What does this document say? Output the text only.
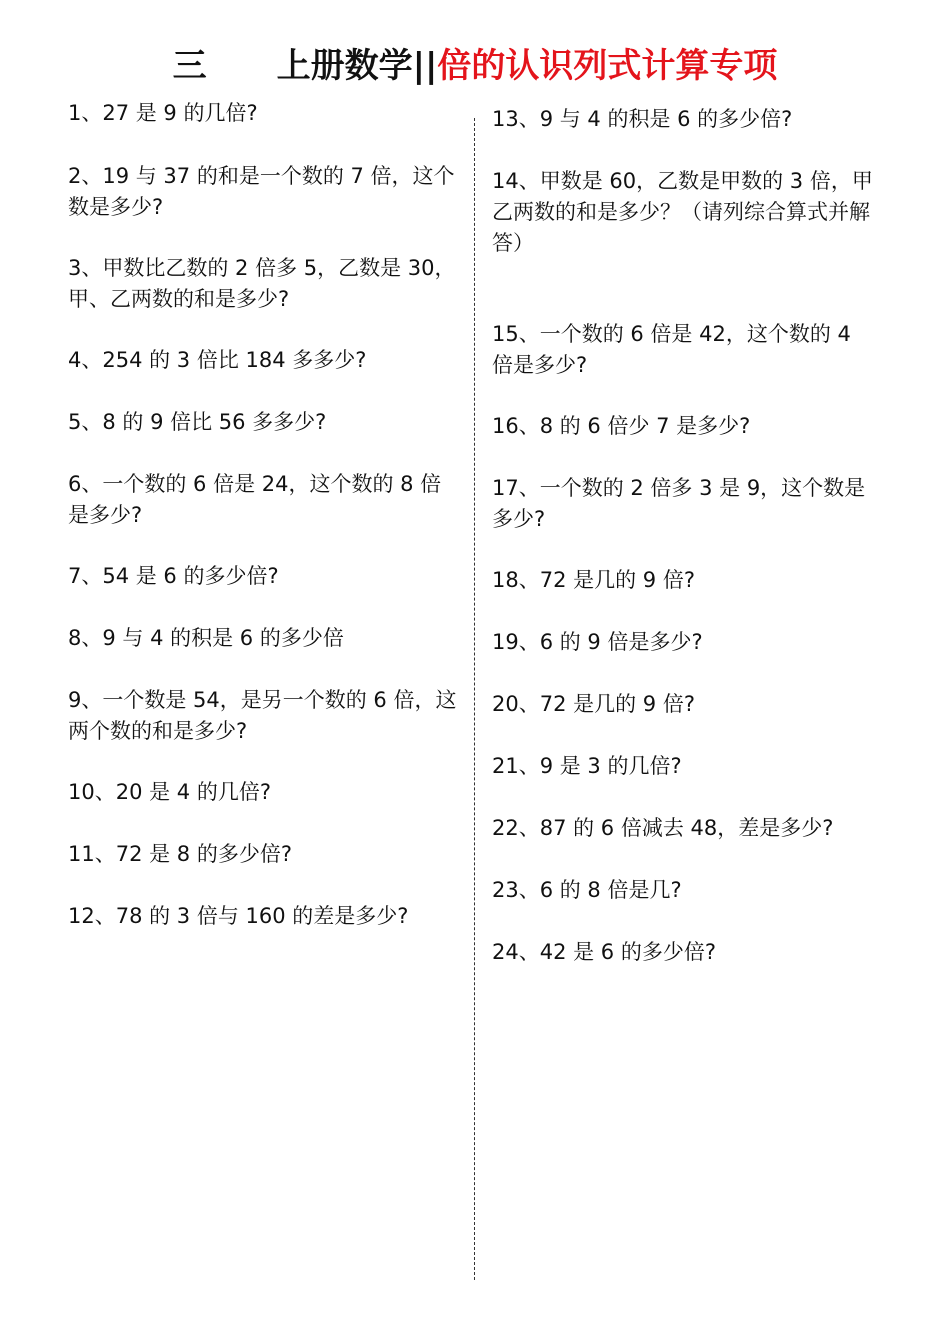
三 上册数学||倍的认识列式计算专项

1、27 是 9 的几倍?

2、19 与 37 的和是一个数的 7 倍，这个数是多少?

3、甲数比乙数的 2 倍多 5，乙数是 30，甲、乙两数的和是多少?

4、254 的 3 倍比 184 多多少?

5、8 的 9 倍比 56 多多少?

6、一个数的 6 倍是 24，这个数的 8 倍是多少?

7、54 是 6 的多少倍?

8、9 与 4 的积是 6 的多少倍

9、一个数是 54，是另一个数的 6 倍，这两个数的和是多少?

10、20 是 4 的几倍?

11、72 是 8 的多少倍?

12、78 的 3 倍与 160 的差是多少?

13、9 与 4 的积是 6 的多少倍?

14、甲数是 60，乙数是甲数的 3 倍，甲乙两数的和是多少？（请列综合算式并解答）

15、一个数的 6 倍是 42，这个数的 4 倍是多少?

16、8 的 6 倍少 7 是多少?

17、一个数的 2 倍多 3 是 9，这个数是多少?

18、72 是几的 9 倍?

19、6 的 9 倍是多少?

20、72 是几的 9 倍?

21、9 是 3 的几倍?

22、87 的 6 倍减去 48，差是多少?

23、6 的 8 倍是几?

24、42 是 6 的多少倍?
